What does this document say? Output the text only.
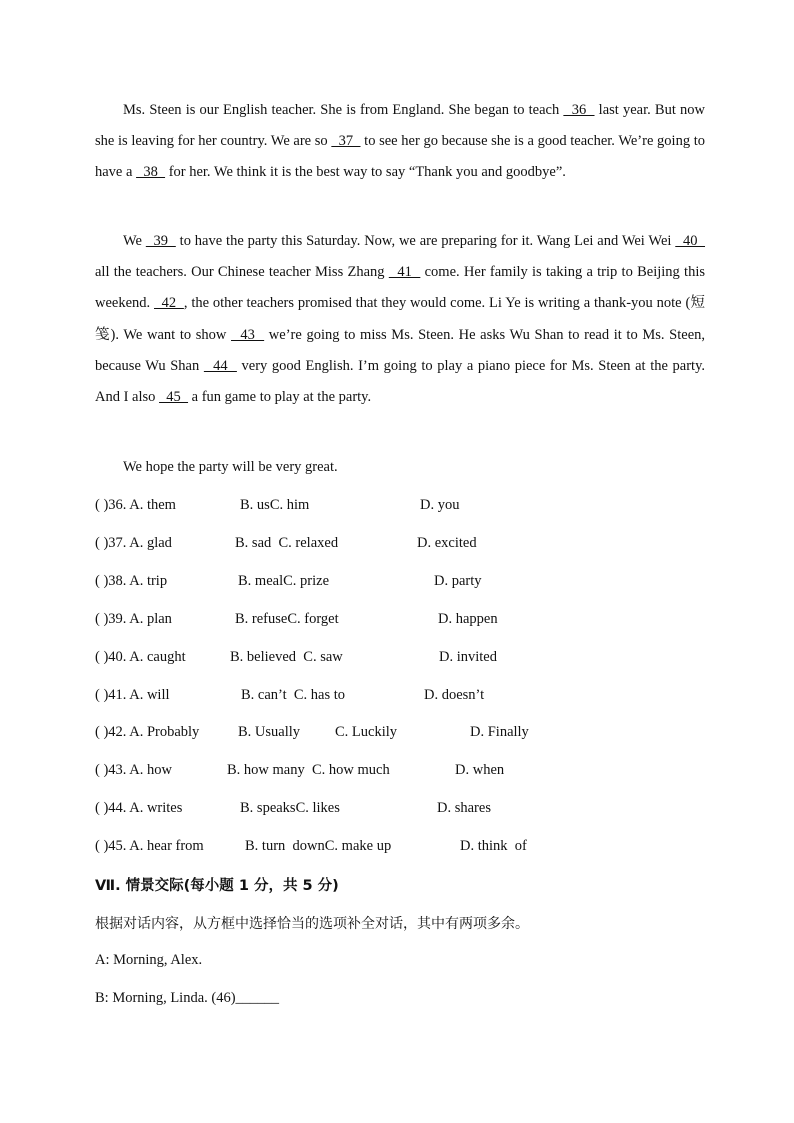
Ms. Steen is our English teacher. She is from England. She began to teach   36   last year. But now she is leaving for her country. We are so   37   to see her go because she is a good teacher. We’re going to have a   38   for her. We think it is the best way to say “Thank you and goodbye”.

We   39   to have the party this Saturday. Now, we are preparing for it. Wang Lei and Wei Wei   40   all the teachers. Our Chinese teacher Miss Zhang   41   come. Her family is taking a trip to Beijing this weekend.   42  , the other teachers promised that they would come. Li Ye is writing a thank-you note (短笺). We want to show   43   we’re going to miss Ms. Steen. He asks Wu Shan to read it to Ms. Steen, because Wu Shan   44   very good English. I’m going to play a piano piece for Ms. Steen at the party. And I also   45   a fun game to play at the party.

We hope the party will be very great.
( )36. A. them	B. usC. him	D. you
( )37. A. glad	B. sad  C. relaxed	D. excited
( )38. A. trip	B. mealC. prize	D. party
( )39. A. plan	B. refuseC. forget	D. happen
( )40. A. caught	B. believed  C. saw	D. invited
( )41. A. will	B. can’t  C. has to	D. doesn’t
( )42. A. Probably	B. Usually C. Luckily	D. Finally
( )43. A. how	B. how many  C. how much	D. when
( )44. A. writes	B. speaksC. likes	D. shares
( )45. A. hear from	B. turn  downC. make up	D. think  of
Ⅶ. 情景交际(每小题 1 分，共 5 分)
根据对话内容，从方框中选择恰当的选项补全对话，其中有两项多余。
A: Morning, Alex.
B: Morning, Linda. (46)______
